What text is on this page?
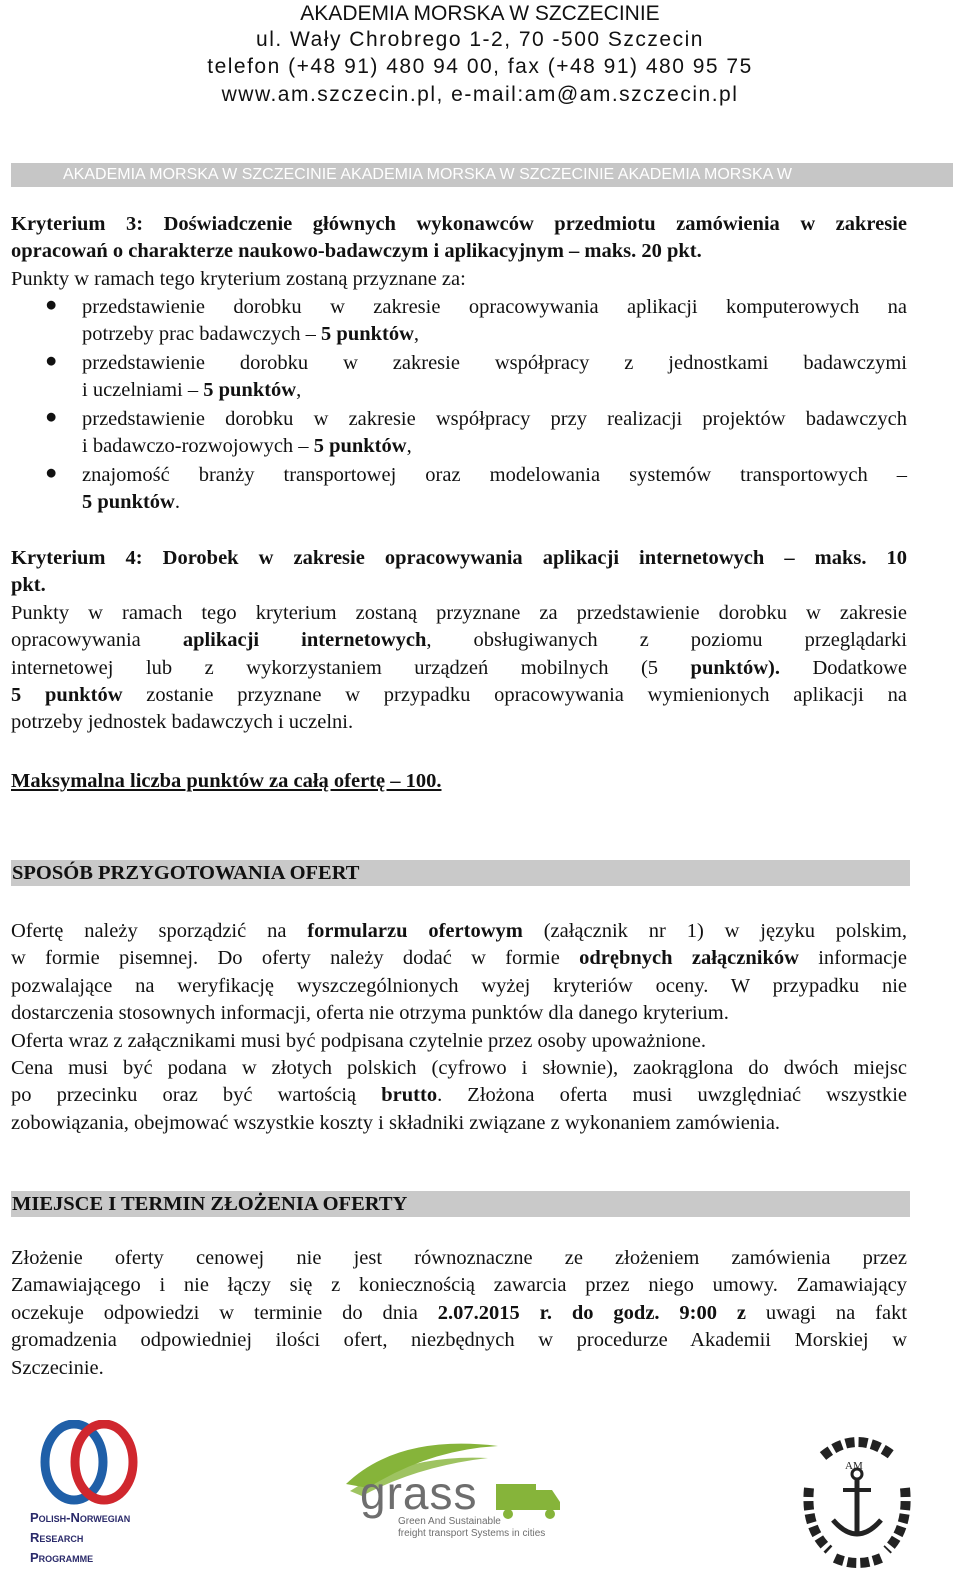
AKADEMIA MORSKA W SZCZECINIE
ul. Wały Chrobrego 1-2, 70 -500 Szczecin
telefon (+48 91) 480 94 00, fax (+48 91) 480 95 75
www.am.szczecin.pl, e-mail:am@am.szczecin.pl
AKADEMIA MORSKA W SZCZECINIE AKADEMIA MORSKA W SZCZECINIE AKADEMIA MORSKA W
Kryterium 3: Doświadczenie głównych wykonawców przedmiotu zamówienia w zakresie
opracowań o charakterze naukowo-badawczym i aplikacyjnym – maks. 20 pkt.
Punkty w ramach tego kryterium zostaną przyznane za:
● przedstawienie dorobku w zakresie opracowywania aplikacji komputerowych na
potrzeby prac badawczych – 5 punktów,
● przedstawienie dorobku w zakresie współpracy z jednostkami badawczymi
i uczelniami – 5 punktów,
● przedstawienie dorobku w zakresie współpracy przy realizacji projektów badawczych
i badawczo-rozwojowych – 5 punktów,
● znajomość branży transportowej oraz modelowania systemów transportowych –
5 punktów.
Kryterium 4: Dorobek w zakresie opracowywania aplikacji internetowych – maks. 10
pkt.
Punkty w ramach tego kryterium zostaną przyznane za przedstawienie dorobku w zakresie
opracowywania aplikacji internetowych, obsługiwanych z poziomu przeglądarki
internetowej lub z wykorzystaniem urządzeń mobilnych (5 punktów). Dodatkowe
5 punktów zostanie przyznane w przypadku opracowywania wymienionych aplikacji na
potrzeby jednostek badawczych i uczelni.
Maksymalna liczba punktów za całą ofertę – 100.
SPOSÓB PRZYGOTOWANIA OFERT
Ofertę należy sporządzić na formularzu ofertowym (załącznik nr 1) w języku polskim,
w formie pisemnej. Do oferty należy dodać w formie odrębnych załączników informacje
pozwalające na weryfikację wyszczególnionych wyżej kryteriów oceny. W przypadku nie
dostarczenia stosownych informacji, oferta nie otrzyma punktów dla danego kryterium.
Oferta wraz z załącznikami musi być podpisana czytelnie przez osoby upoważnione.
Cena musi być podana w złotych polskich (cyfrowo i słownie), zaokrąglona do dwóch miejsc
po przecinku oraz być wartością brutto. Złożona oferta musi uwzględniać wszystkie
zobowiązania, obejmować wszystkie koszty i składniki związane z wykonaniem zamówienia.
MIEJSCE I TERMIN ZŁOŻENIA OFERTY
Złożenie oferty cenowej nie jest równoznaczne ze złożeniem zamówienia przez
Zamawiającego i nie łączy się z koniecznością zawarcia przez niego umowy. Zamawiający
oczekuje odpowiedzi w terminie do dnia 2.07.2015 r. do godz. 9:00 z uwagi na fakt
gromadzenia odpowiedniej ilości ofert, niezbędnych w procedurze Akademii Morskiej w
Szczecinie.
Polish-Norwegian
Research
Programme
grass
Green And Sustainable
freight transport Systems in cities
AM
